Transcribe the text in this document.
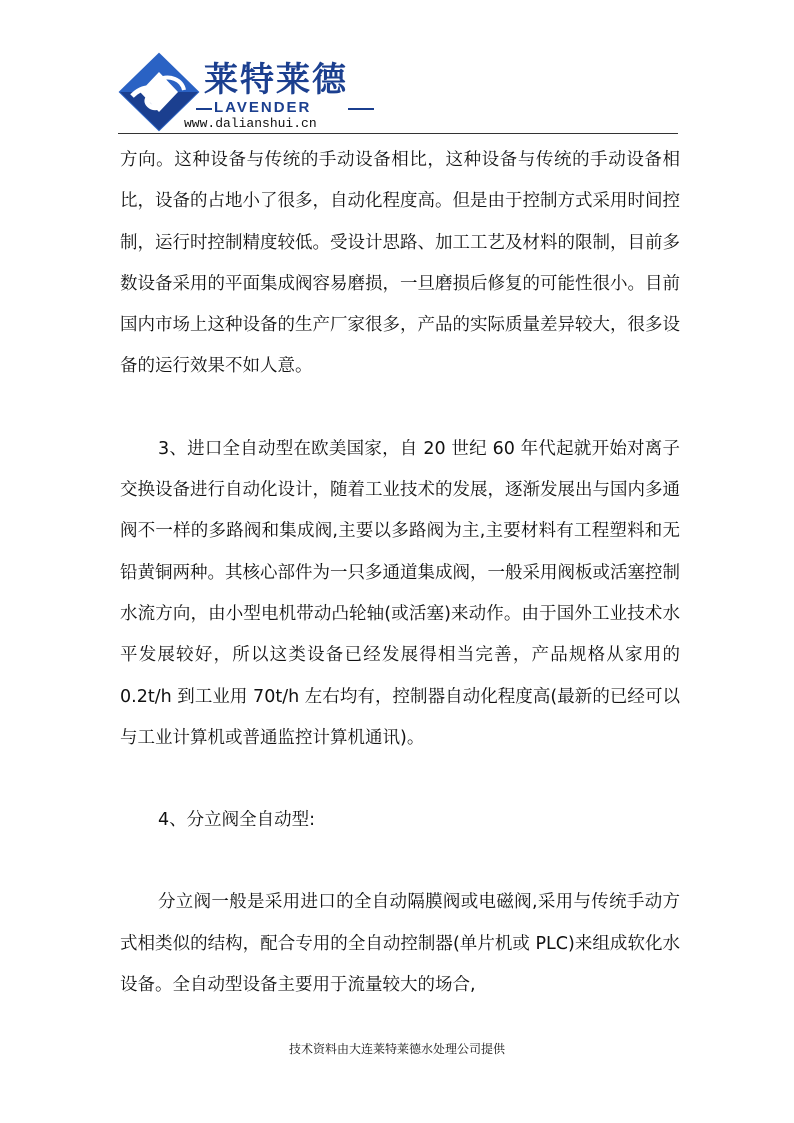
莱特莱德
LAVENDER
www.dalianshui.cn

方向。这种设备与传统的手动设备相比，这种设备与传统的手动设备相比，设备的占地小了很多，自动化程度高。但是由于控制方式采用时间控制，运行时控制精度较低。受设计思路、加工工艺及材料的限制，目前多数设备采用的平面集成阀容易磨损，一旦磨损后修复的可能性很小。目前国内市场上这种设备的生产厂家很多，产品的实际质量差异较大，很多设备的运行效果不如人意。

3、进口全自动型在欧美国家，自 20 世纪 60 年代起就开始对离子交换设备进行自动化设计，随着工业技术的发展，逐渐发展出与国内多通阀不一样的多路阀和集成阀,主要以多路阀为主,主要材料有工程塑料和无铅黄铜两种。其核心部件为一只多通道集成阀，一般采用阀板或活塞控制水流方向，由小型电机带动凸轮轴(或活塞)来动作。由于国外工业技术水平发展较好，所以这类设备已经发展得相当完善，产品规格从家用的 0.2t/h 到工业用 70t/h 左右均有，控制器自动化程度高(最新的已经可以与工业计算机或普通监控计算机通讯)。

4、分立阀全自动型:

分立阀一般是采用进口的全自动隔膜阀或电磁阀,采用与传统手动方式相类似的结构，配合专用的全自动控制器(单片机或 PLC)来组成软化水设备。全自动型设备主要用于流量较大的场合,

技术资料由大连莱特莱德水处理公司提供
